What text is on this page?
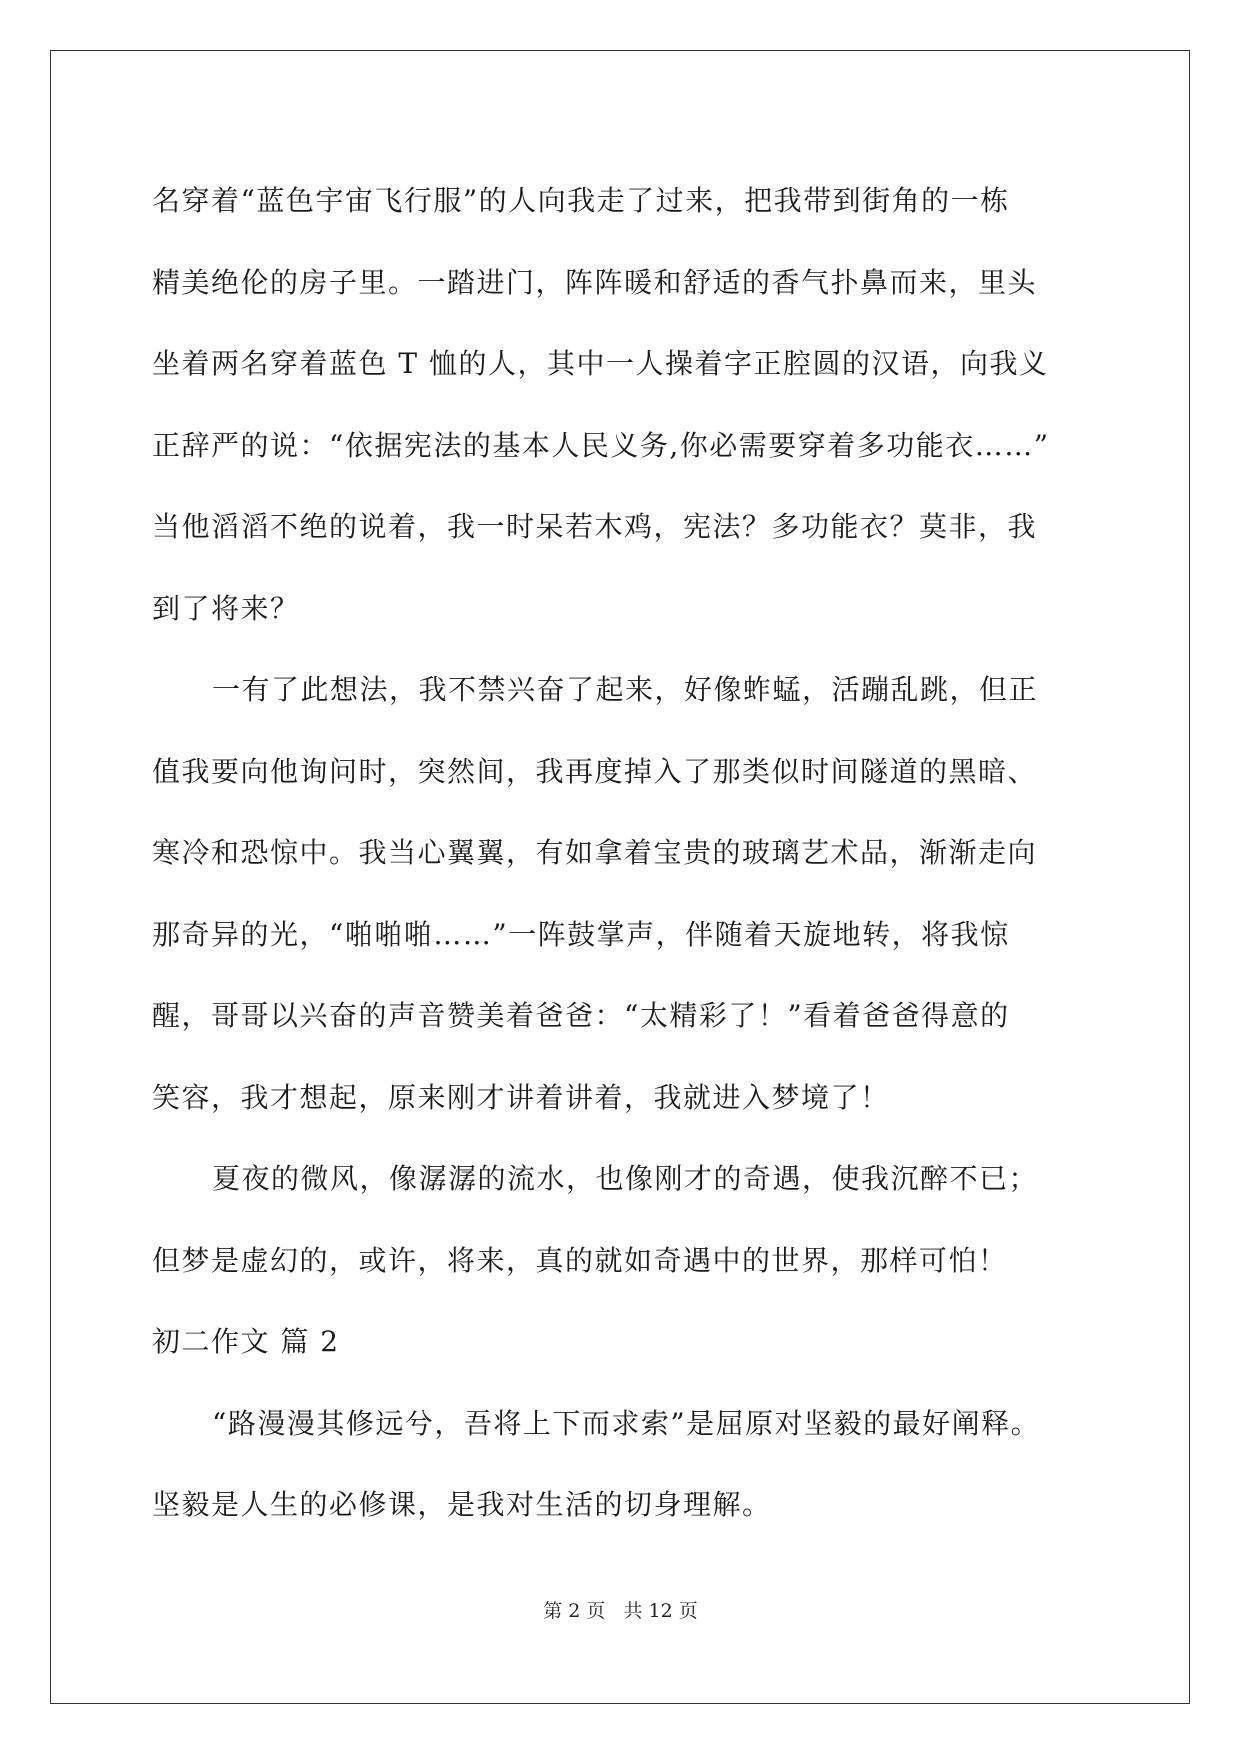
名穿着“蓝色宇宙飞行服”的人向我走了过来，把我带到街角的一栋
精美绝伦的房子里。一踏进门，阵阵暖和舒适的香气扑鼻而来，里头
坐着两名穿着蓝色 T 恤的人，其中一人操着字正腔圆的汉语，向我义
正辞严的说：“依据宪法的基本人民义务,你必需要穿着多功能衣……”
当他滔滔不绝的说着，我一时呆若木鸡，宪法？多功能衣？莫非，我
到了将来？
一有了此想法，我不禁兴奋了起来，好像蚱蜢，活蹦乱跳，但正
值我要向他询问时，突然间，我再度掉入了那类似时间隧道的黑暗、
寒冷和恐惊中。我当心翼翼，有如拿着宝贵的玻璃艺术品，渐渐走向
那奇异的光，“啪啪啪……”一阵鼓掌声，伴随着天旋地转，将我惊
醒，哥哥以兴奋的声音赞美着爸爸：“太精彩了！”看着爸爸得意的
笑容，我才想起，原来刚才讲着讲着，我就进入梦境了！
夏夜的微风，像潺潺的流水，也像刚才的奇遇，使我沉醉不已；
但梦是虚幻的，或许，将来，真的就如奇遇中的世界，那样可怕！
初二作文 篇 2
“路漫漫其修远兮，吾将上下而求索”是屈原对坚毅的最好阐释。
坚毅是人生的必修课，是我对生活的切身理解。
第 2 页 共 12 页
